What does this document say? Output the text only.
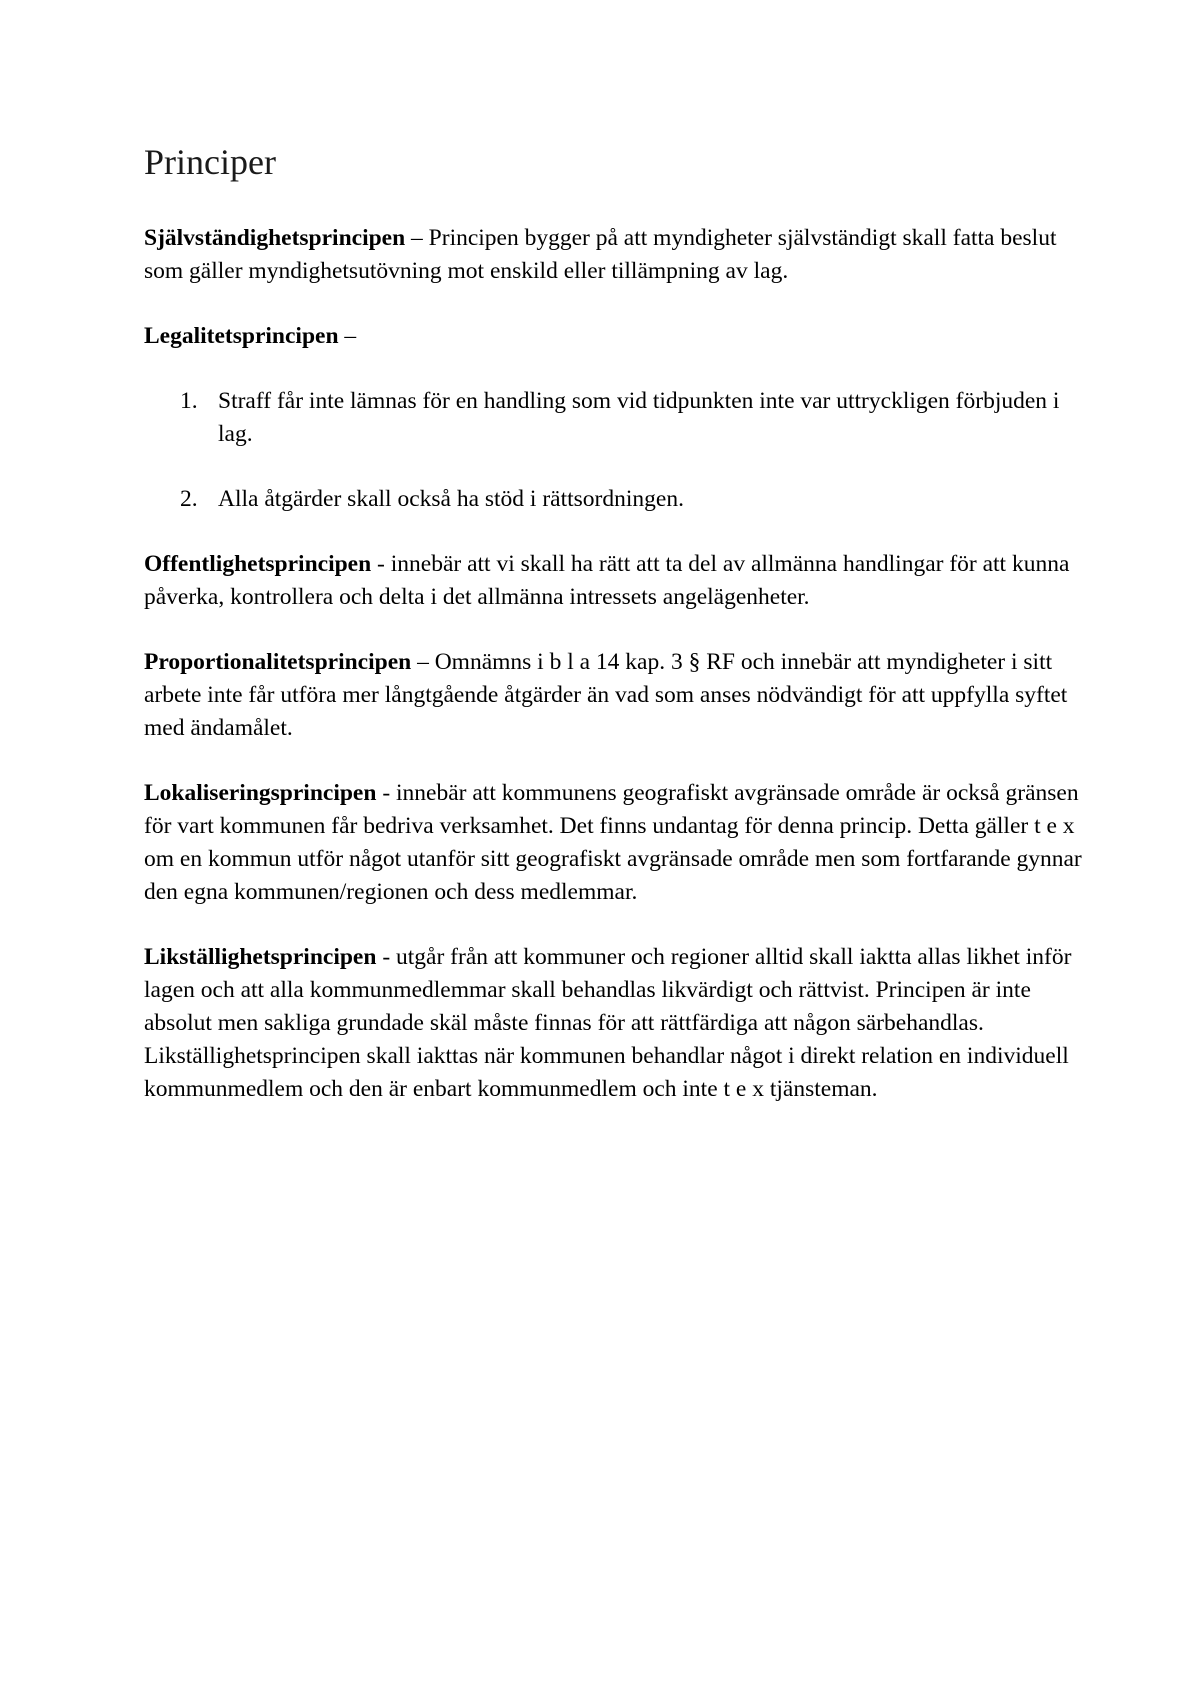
Principer

Självständighetsprincipen – Principen bygger på att myndigheter självständigt skall fatta beslut som gäller myndighetsutövning mot enskild eller tillämpning av lag.

Legalitetsprincipen –

1. Straff får inte lämnas för en handling som vid tidpunkten inte var uttryckligen förbjuden i lag.
2. Alla åtgärder skall också ha stöd i rättsordningen.

Offentlighetsprincipen - innebär att vi skall ha rätt att ta del av allmänna handlingar för att kunna påverka, kontrollera och delta i det allmänna intressets angelägenheter.

Proportionalitetsprincipen – Omnämns i b l a 14 kap. 3 § RF och innebär att myndigheter i sitt arbete inte får utföra mer långtgående åtgärder än vad som anses nödvändigt för att uppfylla syftet med ändamålet.

Lokaliseringsprincipen - innebär att kommunens geografiskt avgränsade område är också gränsen för vart kommunen får bedriva verksamhet. Det finns undantag för denna princip. Detta gäller t e x om en kommun utför något utanför sitt geografiskt avgränsade område men som fortfarande gynnar den egna kommunen/regionen och dess medlemmar.

Likställighetsprincipen - utgår från att kommuner och regioner alltid skall iaktta allas likhet inför lagen och att alla kommunmedlemmar skall behandlas likvärdigt och rättvist. Principen är inte absolut men sakliga grundade skäl måste finnas för att rättfärdiga att någon särbehandlas. Likställighetsprincipen skall iakttas när kommunen behandlar något i direkt relation en individuell kommunmedlem och den är enbart kommunmedlem och inte t e x tjänsteman.
